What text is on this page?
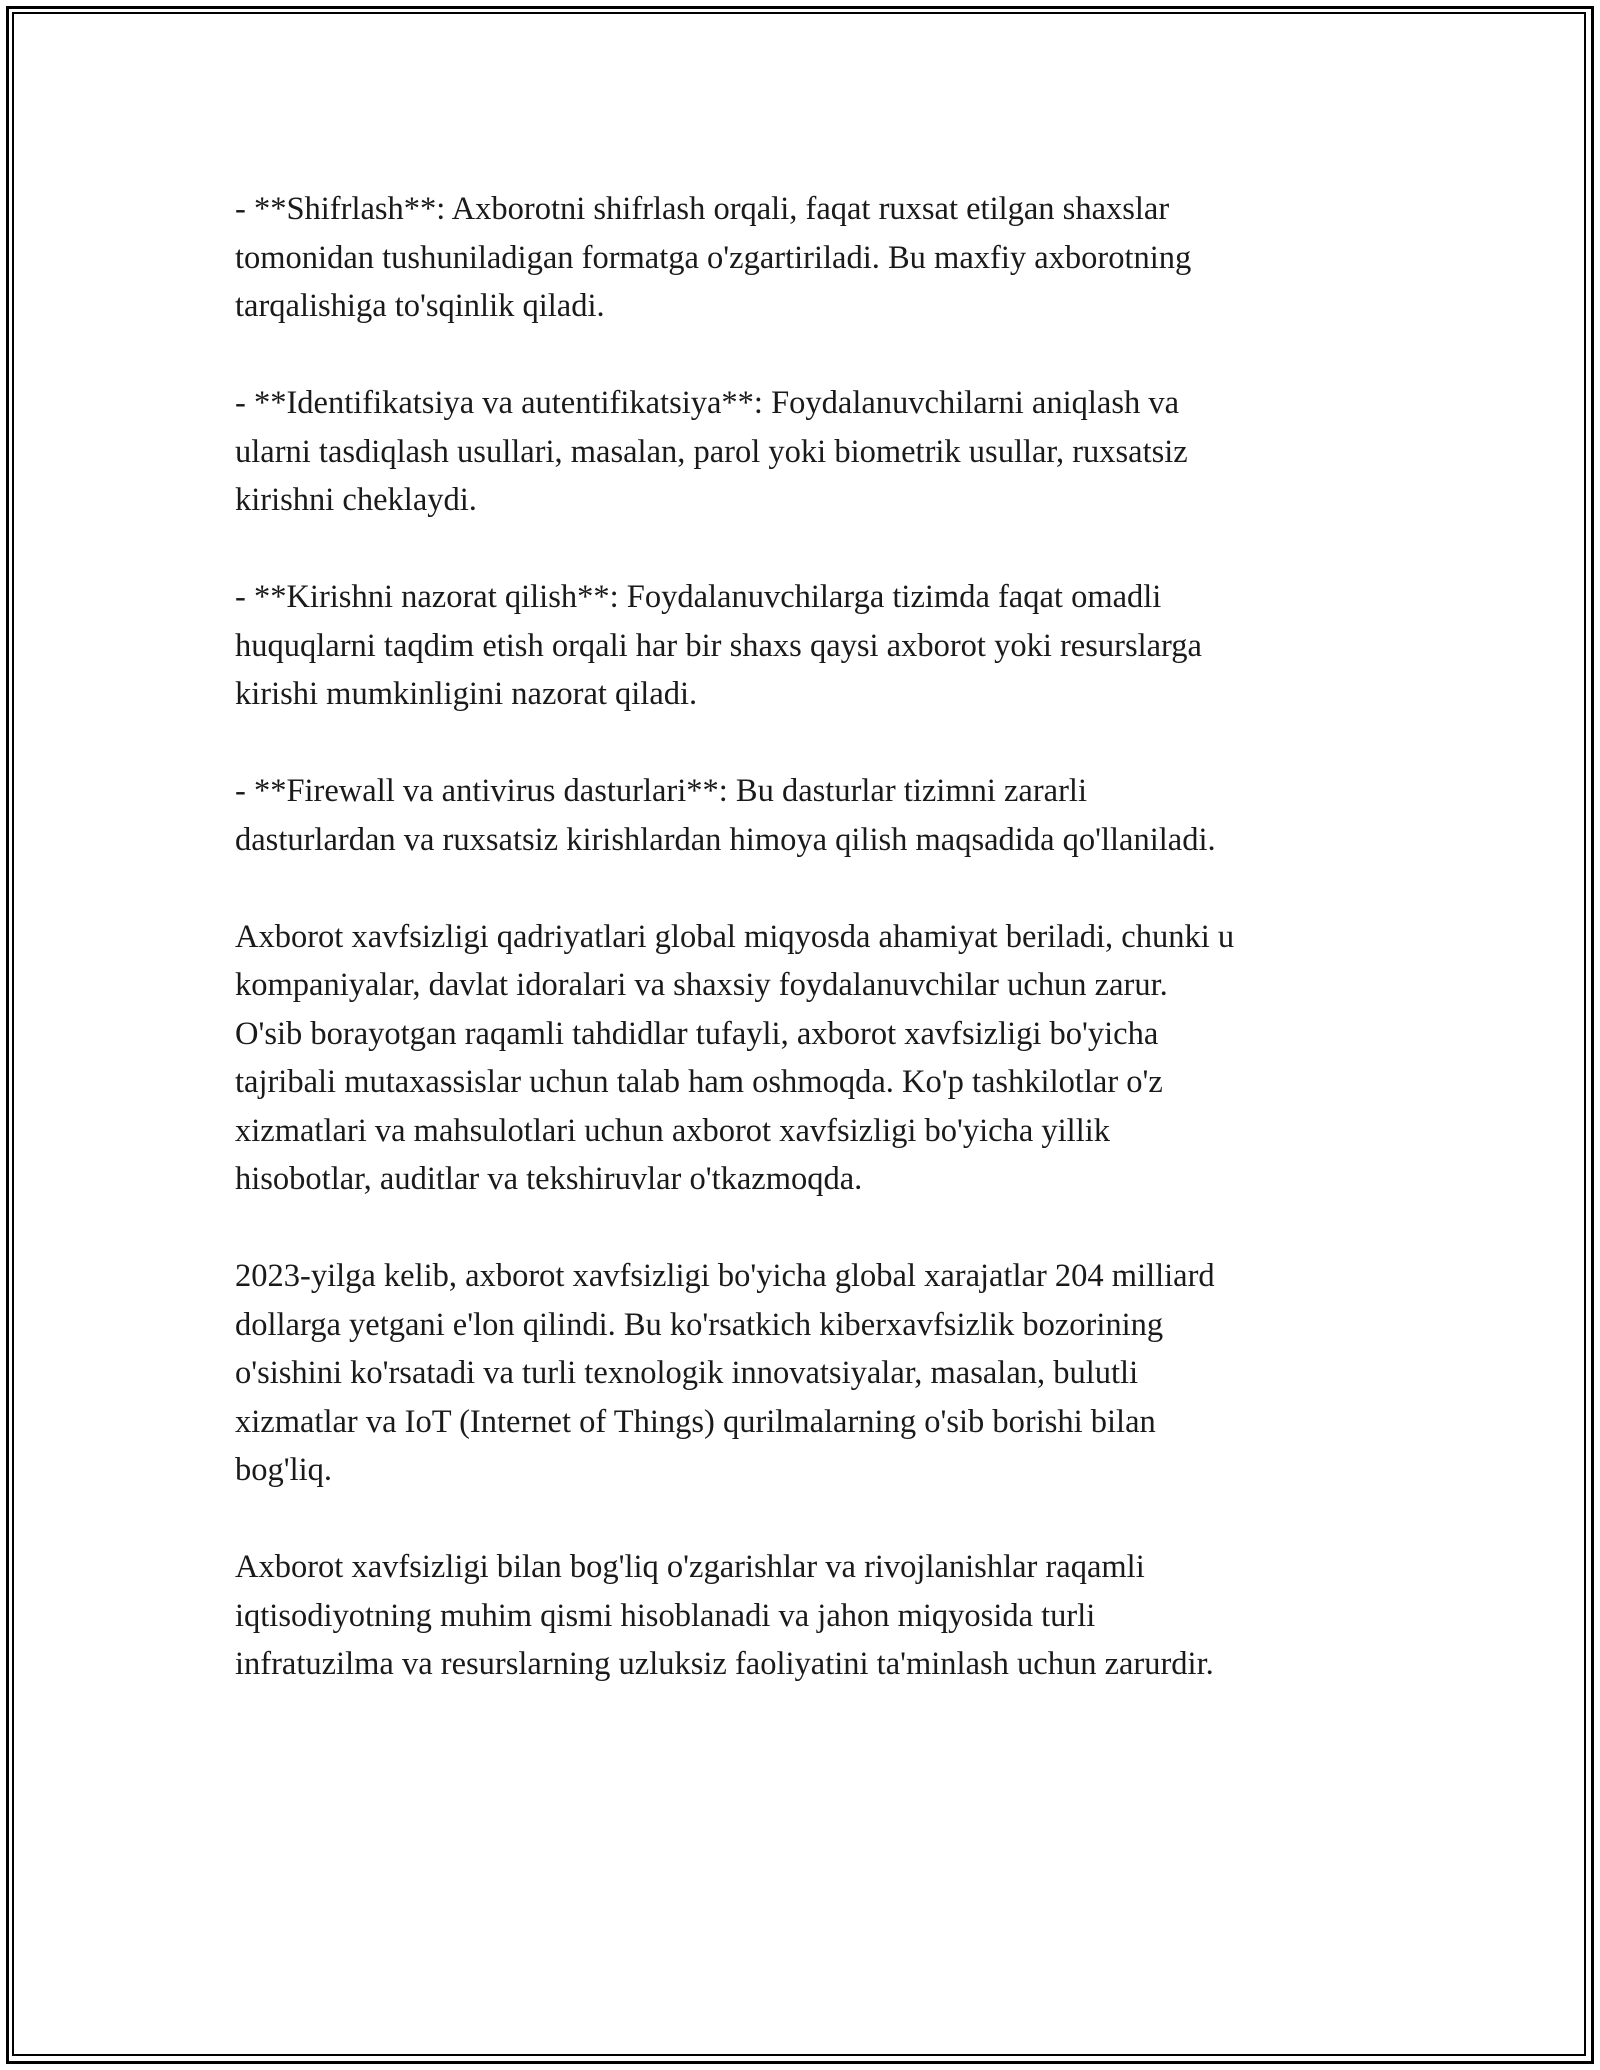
- **Shifrlash**: Axborotni shifrlash orqali, faqat ruxsat etilgan shaxslar
tomonidan tushuniladigan formatga o'zgartiriladi. Bu maxfiy axborotning
tarqalishiga to'sqinlik qiladi.

- **Identifikatsiya va autentifikatsiya**: Foydalanuvchilarni aniqlash va
ularni tasdiqlash usullari, masalan, parol yoki biometrik usullar, ruxsatsiz
kirishni cheklaydi.

- **Kirishni nazorat qilish**: Foydalanuvchilarga tizimda faqat omadli
huquqlarni taqdim etish orqali har bir shaxs qaysi axborot yoki resurslarga
kirishi mumkinligini nazorat qiladi.

- **Firewall va antivirus dasturlari**: Bu dasturlar tizimni zararli
dasturlardan va ruxsatsiz kirishlardan himoya qilish maqsadida qo'llaniladi.

Axborot xavfsizligi qadriyatlari global miqyosda ahamiyat beriladi, chunki u
kompaniyalar, davlat idoralari va shaxsiy foydalanuvchilar uchun zarur.
O'sib borayotgan raqamli tahdidlar tufayli, axborot xavfsizligi bo'yicha
tajribali mutaxassislar uchun talab ham oshmoqda. Ko'p tashkilotlar o'z
xizmatlari va mahsulotlari uchun axborot xavfsizligi bo'yicha yillik
hisobotlar, auditlar va tekshiruvlar o'tkazmoqda.

2023-yilga kelib, axborot xavfsizligi bo'yicha global xarajatlar 204 milliard
dollarga yetgani e'lon qilindi. Bu ko'rsatkich kiberxavfsizlik bozorining
o'sishini ko'rsatadi va turli texnologik innovatsiyalar, masalan, bulutli
xizmatlar va IoT (Internet of Things) qurilmalarning o'sib borishi bilan
bog'liq.

Axborot xavfsizligi bilan bog'liq o'zgarishlar va rivojlanishlar raqamli
iqtisodiyotning muhim qismi hisoblanadi va jahon miqyosida turli
infratuzilma va resurslarning uzluksiz faoliyatini ta'minlash uchun zarurdir.
